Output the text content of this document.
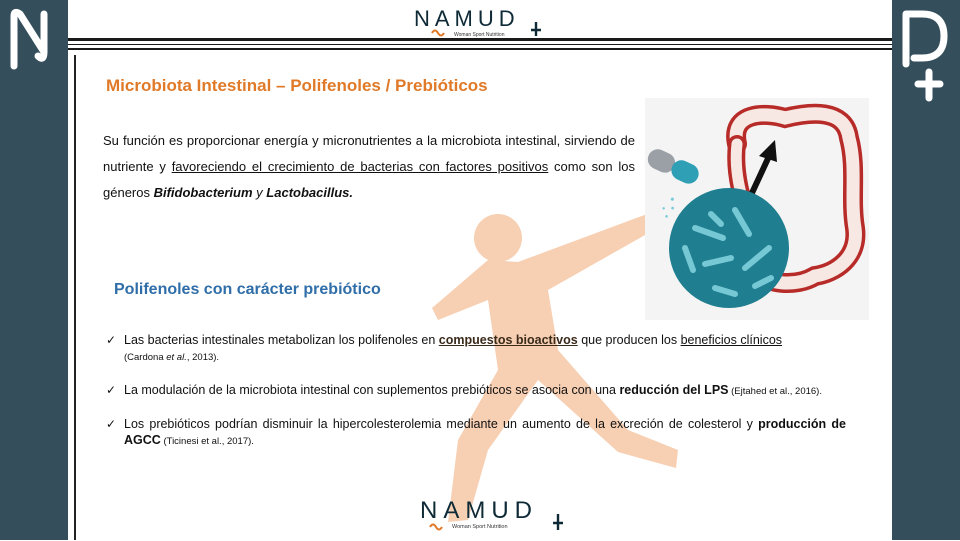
NAMUD
Woman Sport Nutrition
Microbiota Intestinal – Polifenoles / Prebióticos
Su función es proporcionar energía y micronutrientes a la microbiota intestinal, sirviendo de nutriente y favoreciendo el crecimiento de bacterias con factores positivos como son los géneros Bifidobacterium y Lactobacillus.
Polifenoles con carácter prebiótico
✓ Las bacterias intestinales metabolizan los polifenoles en compuestos bioactivos que producen los beneficios clínicos
(Cardona et al., 2013).
✓ La modulación de la microbiota intestinal con suplementos prebióticos se asocia con una reducción del LPS (Ejtahed et al., 2016).
✓ Los prebióticos podrían disminuir la hipercolesterolemia mediante un aumento de la excreción de colesterol y producción de AGCC (Ticinesi et al., 2017).
NAMUD
Woman Sport Nutrition
